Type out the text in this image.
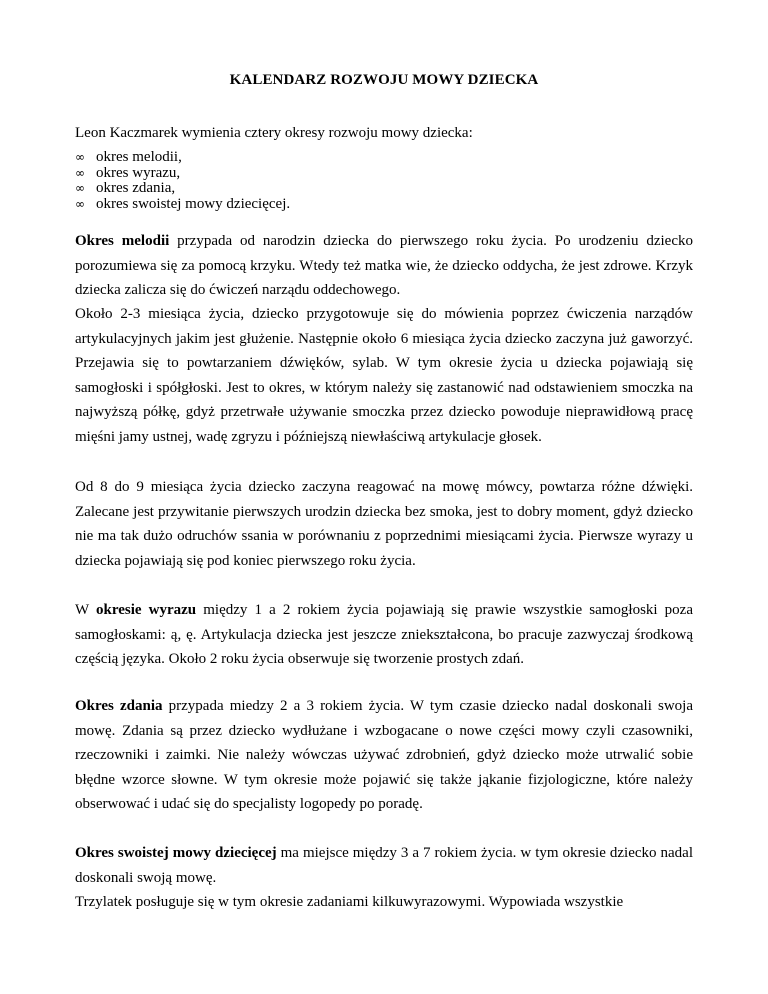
KALENDARZ ROZWOJU MOWY DZIECKA
Leon Kaczmarek wymienia cztery okresy rozwoju mowy dziecka:
∞ okres melodii,
∞ okres wyrazu,
∞ okres zdania,
∞ okres swoistej mowy dziecięcej.

Okres melodii przypada od narodzin dziecka do pierwszego roku życia. Po urodzeniu dziecko porozumiewa się za pomocą krzyku. Wtedy też matka wie, że dziecko oddycha, że jest zdrowe. Krzyk dziecka zalicza się do ćwiczeń narządu oddechowego.

Około 2-3 miesiąca życia, dziecko przygotowuje się do mówienia poprzez ćwiczenia narządów artykulacyjnych jakim jest głużenie. Następnie około 6 miesiąca życia dziecko zaczyna już gaworzyć. Przejawia się to powtarzaniem dźwięków, sylab. W tym okresie życia u dziecka pojawiają się samogłoski i spółgłoski. Jest to okres, w którym należy się zastanowić nad odstawieniem smoczka na najwyższą półkę, gdyż przetrwałe używanie smoczka przez dziecko powoduje nieprawidłową pracę mięśni jamy ustnej, wadę zgryzu i późniejszą niewłaściwą artykulacje głosek.

Od 8 do 9 miesiąca życia dziecko zaczyna reagować na mowę mówcy, powtarza różne dźwięki. Zalecane jest przywitanie pierwszych urodzin dziecka bez smoka, jest to dobry moment, gdyż dziecko nie ma tak dużo odruchów ssania w porównaniu z poprzednimi miesiącami życia. Pierwsze wyrazy u dziecka pojawiają się pod koniec pierwszego roku życia.

W okresie wyrazu między 1 a 2 rokiem życia pojawiają się prawie wszystkie samogłoski poza samogłoskami: ą, ę. Artykulacja dziecka jest jeszcze zniekształcona, bo pracuje zazwyczaj środkową częścią języka. Około 2 roku życia obserwuje się tworzenie prostych zdań.

Okres zdania przypada miedzy 2 a 3 rokiem życia. W tym czasie dziecko nadal doskonali swoja mowę. Zdania są przez dziecko wydłużane i wzbogacane o nowe części mowy czyli czasowniki, rzeczowniki i zaimki. Nie należy wówczas używać zdrobnień, gdyż dziecko może utrwalić sobie błędne wzorce słowne. W tym okresie może pojawić się także jąkanie fizjologiczne, które należy obserwować i udać się do specjalisty logopedy po poradę.

Okres swoistej mowy dziecięcej ma miejsce między 3 a 7 rokiem życia. w tym okresie dziecko nadal doskonali swoją mowę.

Trzylatek posługuje się w tym okresie zadaniami kilkuwyrazowymi. Wypowiada wszystkie
